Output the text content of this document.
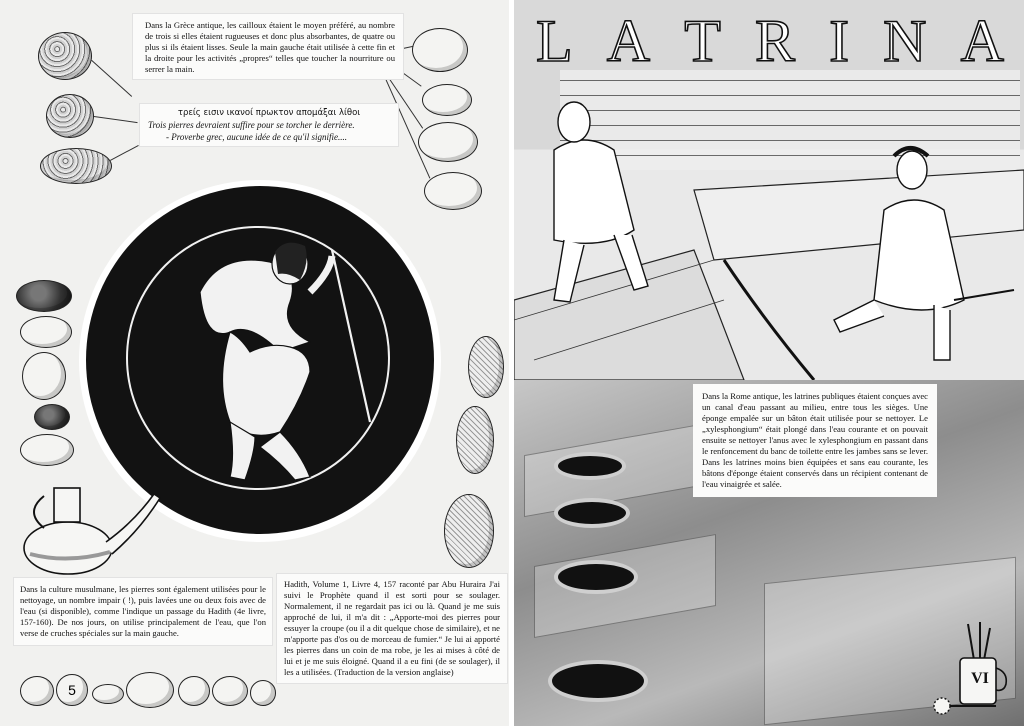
Dans la Grèce antique, les cailloux étaient le moyen préféré, au nombre de trois si elles étaient rugueuses et donc plus absorbantes, de quatre ou plus si ils étaient lisses. Seule la main gauche était utilisée à cette fin et la droite pour les activités „propres“ telles que toucher la nourriture ou serrer la main.

τρείς εισιν ικανοί πρωκτον απομάξαι λίθοι
Trois pierres devraient suffire pour se torcher le derrière.
- Proverbe grec, aucune idée de ce qu'il signifie....

Dans la culture musulmane, les pierres sont également utilisées pour le nettoyage, un nombre impair ( !), puis lavées une ou deux fois avec de l'eau (si disponible), comme l'indique un passage du Hadith (4e livre, 157-160). De nos jours, on utilise principalement de l'eau, que l'on verse de cruches spéciales sur la main gauche.

Hadith, Volume 1, Livre 4, 157 raconté par Abu Huraira J'ai suivi le Prophète quand il est sorti pour se soulager. Normalement, il ne regardait pas ici ou là. Quand je me suis approché de lui, il m'a dit : „Apporte-moi des pierres pour essuyer la croupe (ou il a dit quelque chose de similaire), et ne m'apporte pas d'os ou de morceau de fumier.“ Je lui ai apporté les pierres dans un coin de ma robe, je les ai mises à côté de lui et je me suis éloigné. Quand il a eu fini (de se soulager), il les a utilisées. (Traduction de la version anglaise)

5
L A T R I N A

Dans la Rome antique, les latrines publiques étaient conçues avec un canal d'eau passant au milieu, entre tous les sièges. Une éponge empalée sur un bâton était utilisée pour se nettoyer. Le „xylesphongium“ était plongé dans l'eau courante et on pouvait ensuite se nettoyer l'anus avec le xylesphongium en passant dans le renfoncement du banc de toilette entre les jambes sans se lever. Dans les latrines moins bien équipées et sans eau courante, les bâtons d'éponge étaient conservés dans un récipient contenant de l'eau vinaigrée et salée.

VI
